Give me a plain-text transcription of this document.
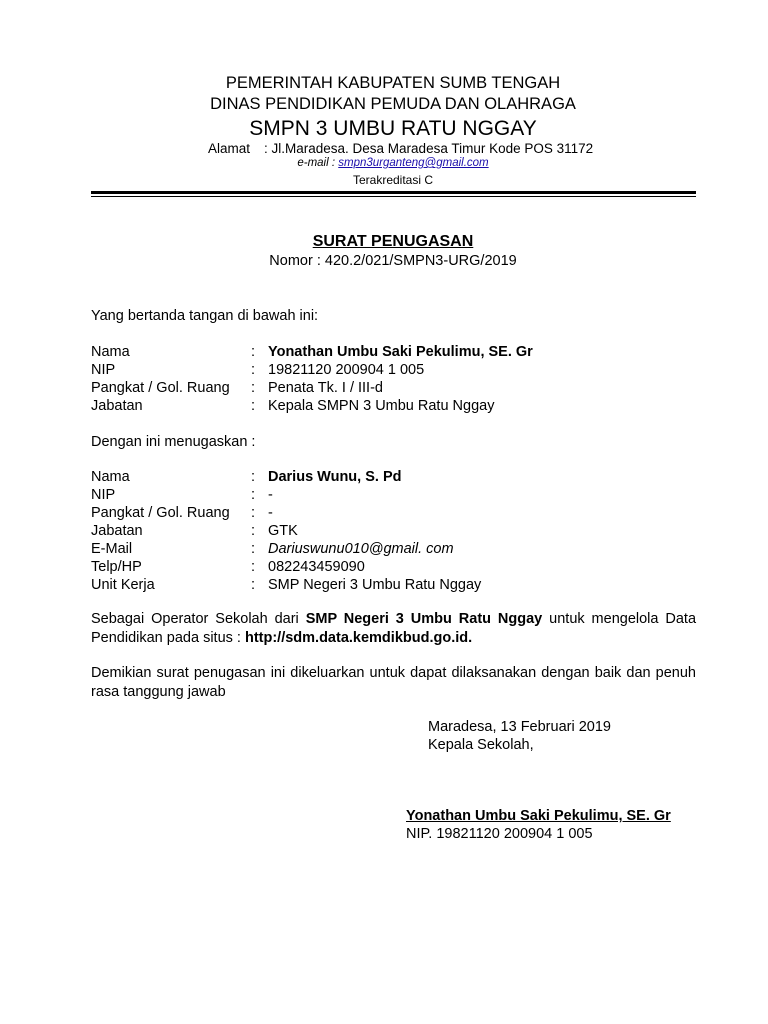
PEMERINTAH KABUPATEN SUMB TENGAH
DINAS PENDIDIKAN PEMUDA DAN OLAHRAGA
SMPN 3 UMBU RATU NGGAY
Alamat : Jl.Maradesa. Desa Maradesa Timur Kode POS 31172
e-mail : smpn3urganteng@gmail.com
Terakreditasi C
SURAT PENUGASAN
Nomor : 420.2/021/SMPN3-URG/2019
Yang bertanda tangan di bawah ini:
Nama	: Yonathan Umbu Saki Pekulimu, SE. Gr
NIP	: 19821120 200904 1 005
Pangkat / Gol. Ruang : Penata Tk. I / III-d
Jabatan	: Kepala SMPN 3 Umbu Ratu Nggay
Dengan ini menugaskan :
Nama	: Darius Wunu, S. Pd
NIP	: -
Pangkat / Gol. Ruang : -
Jabatan	: GTK
E-Mail	: Dariuswunu010@gmail. com
Telp/HP	: 082243459090
Unit Kerja	: SMP Negeri 3 Umbu Ratu Nggay
Sebagai Operator Sekolah dari SMP Negeri 3 Umbu Ratu Nggay untuk mengelola Data Pendidikan pada situs : http://sdm.data.kemdikbud.go.id.
Demikian surat penugasan ini dikeluarkan untuk dapat dilaksanakan dengan baik dan penuh rasa tanggung jawab
Maradesa, 13 Februari 2019
Kepala Sekolah,
Yonathan Umbu Saki Pekulimu, SE. Gr
NIP. 19821120 200904 1 005
